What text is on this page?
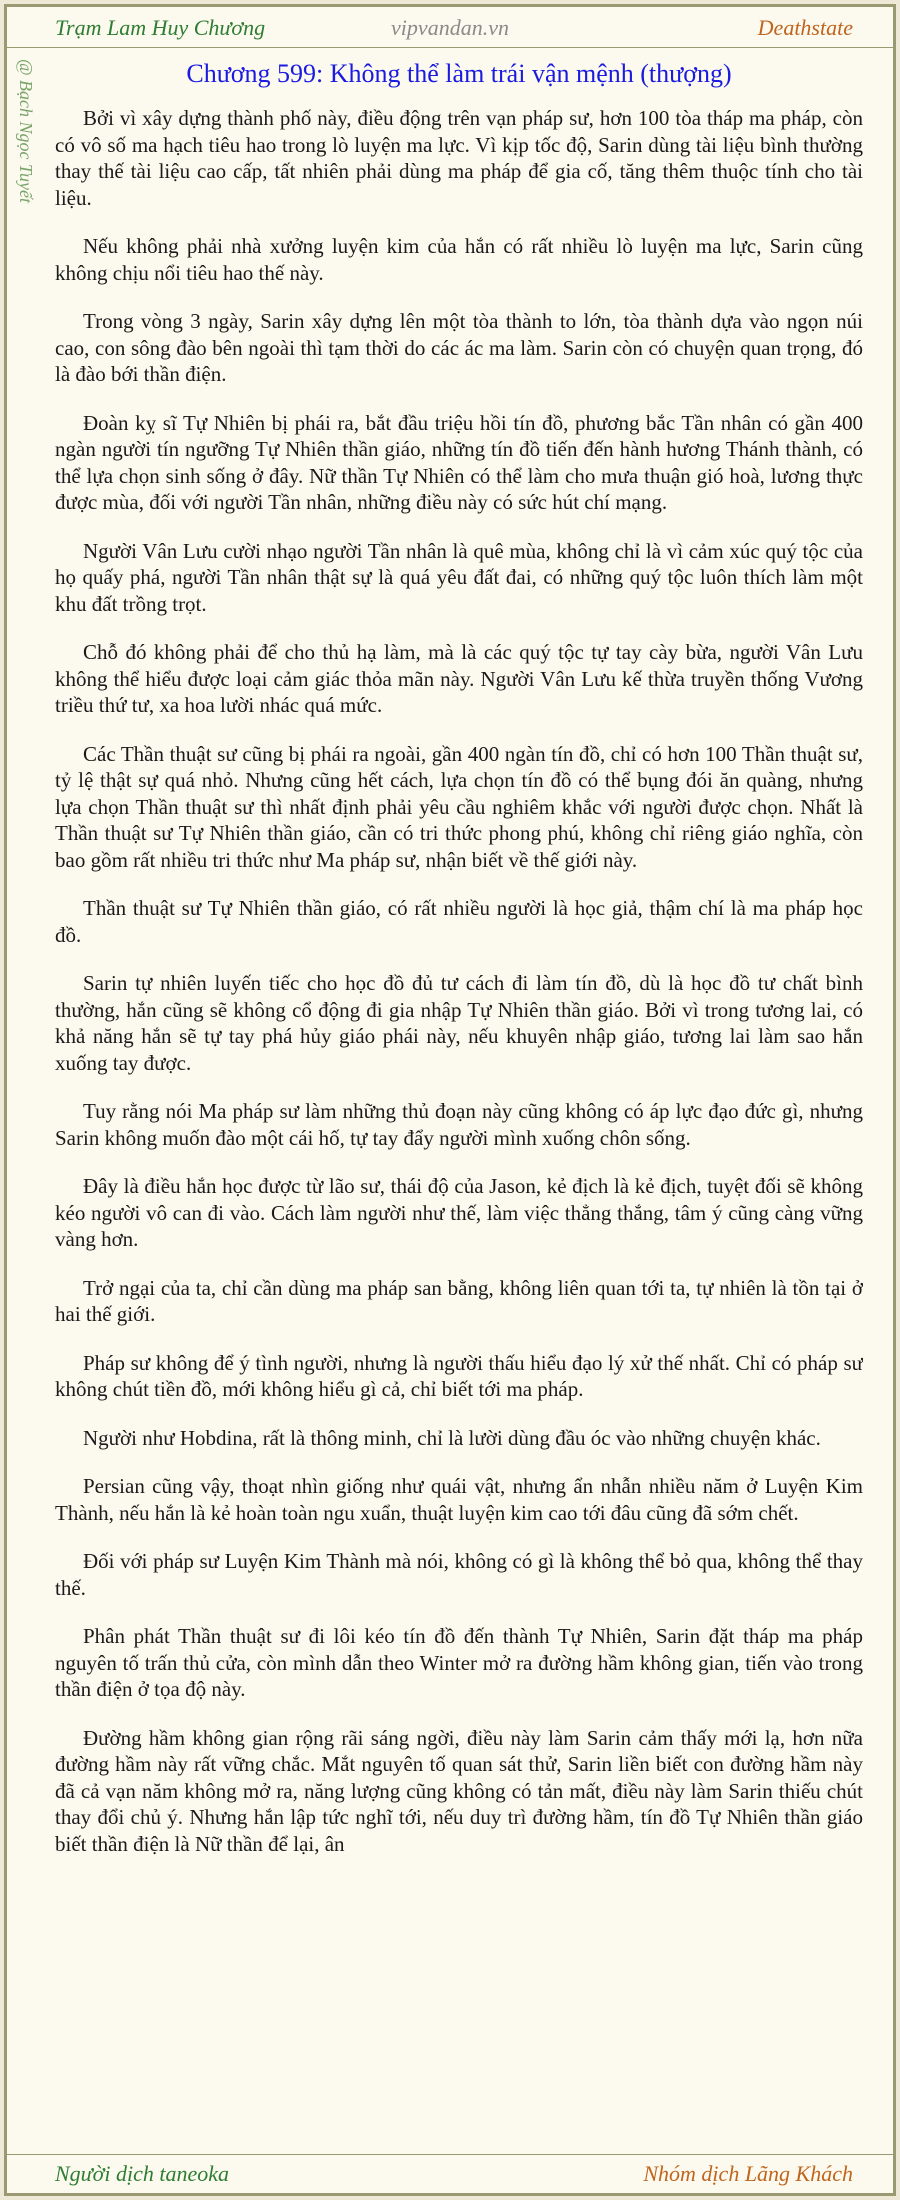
Trạm Lam Huy Chương	vipvandan.vn	Deathstate
@ Bạch Ngọc Tuyết	Chương 599: Không thể làm trái vận mệnh (thượng)

Bởi vì xây dựng thành phố này, điều động trên vạn pháp sư, hơn 100 tòa tháp ma pháp, còn có vô số ma hạch tiêu hao trong lò luyện ma lực. Vì kịp tốc độ, Sarin dùng tài liệu bình thường thay thế tài liệu cao cấp, tất nhiên phải dùng ma pháp để gia cố, tăng thêm thuộc tính cho tài liệu.

Nếu không phải nhà xưởng luyện kim của hắn có rất nhiều lò luyện ma lực, Sarin cũng không chịu nổi tiêu hao thế này.

Trong vòng 3 ngày, Sarin xây dựng lên một tòa thành to lớn, tòa thành dựa vào ngọn núi cao, con sông đào bên ngoài thì tạm thời do các ác ma làm. Sarin còn có chuyện quan trọng, đó là đào bới thần điện.

Đoàn kỵ sĩ Tự Nhiên bị phái ra, bắt đầu triệu hồi tín đồ, phương bắc Tần nhân có gần 400 ngàn người tín ngưỡng Tự Nhiên thần giáo, những tín đồ tiến đến hành hương Thánh thành, có thể lựa chọn sinh sống ở đây. Nữ thần Tự Nhiên có thể làm cho mưa thuận gió hoà, lương thực được mùa, đối với người Tần nhân, những điều này có sức hút chí mạng.

Người Vân Lưu cười nhạo người Tần nhân là quê mùa, không chỉ là vì cảm xúc quý tộc của họ quấy phá, người Tần nhân thật sự là quá yêu đất đai, có những quý tộc luôn thích làm một khu đất trồng trọt.

Chỗ đó không phải để cho thủ hạ làm, mà là các quý tộc tự tay cày bừa, người Vân Lưu không thể hiểu được loại cảm giác thỏa mãn này. Người Vân Lưu kế thừa truyền thống Vương triều thứ tư, xa hoa lười nhác quá mức.

Các Thần thuật sư cũng bị phái ra ngoài, gần 400 ngàn tín đồ, chỉ có hơn 100 Thần thuật sư, tỷ lệ thật sự quá nhỏ. Nhưng cũng hết cách, lựa chọn tín đồ có thể bụng đói ăn quàng, nhưng lựa chọn Thần thuật sư thì nhất định phải yêu cầu nghiêm khắc với người được chọn. Nhất là Thần thuật sư Tự Nhiên thần giáo, cần có tri thức phong phú, không chỉ riêng giáo nghĩa, còn bao gồm rất nhiều tri thức như Ma pháp sư, nhận biết về thế giới này.

Thần thuật sư Tự Nhiên thần giáo, có rất nhiều người là học giả, thậm chí là ma pháp học đồ.

Sarin tự nhiên luyến tiếc cho học đồ đủ tư cách đi làm tín đồ, dù là học đồ tư chất bình thường, hắn cũng sẽ không cổ động đi gia nhập Tự Nhiên thần giáo. Bởi vì trong tương lai, có khả năng hắn sẽ tự tay phá hủy giáo phái này, nếu khuyên nhập giáo, tương lai làm sao hắn xuống tay được.

Tuy rằng nói Ma pháp sư làm những thủ đoạn này cũng không có áp lực đạo đức gì, nhưng Sarin không muốn đào một cái hố, tự tay đẩy người mình xuống chôn sống.

Đây là điều hắn học được từ lão sư, thái độ của Jason, kẻ địch là kẻ địch, tuyệt đối sẽ không kéo người vô can đi vào. Cách làm người như thế, làm việc thẳng thắng, tâm ý cũng càng vững vàng hơn.

Trở ngại của ta, chỉ cần dùng ma pháp san bằng, không liên quan tới ta, tự nhiên là tồn tại ở hai thế giới.

Pháp sư không để ý tình người, nhưng là người thấu hiểu đạo lý xử thế nhất. Chỉ có pháp sư không chút tiền đồ, mới không hiểu gì cả, chỉ biết tới ma pháp.

Người như Hobdina, rất là thông minh, chỉ là lười dùng đầu óc vào những chuyện khác.

Persian cũng vậy, thoạt nhìn giống như quái vật, nhưng ẩn nhẫn nhiều năm ở Luyện Kim Thành, nếu hắn là kẻ hoàn toàn ngu xuẩn, thuật luyện kim cao tới đâu cũng đã sớm chết.

Đối với pháp sư Luyện Kim Thành mà nói, không có gì là không thể bỏ qua, không thể thay thế.

Phân phát Thần thuật sư đi lôi kéo tín đồ đến thành Tự Nhiên, Sarin đặt tháp ma pháp nguyên tố trấn thủ cửa, còn mình dẫn theo Winter mở ra đường hầm không gian, tiến vào trong thần điện ở tọa độ này.

Đường hầm không gian rộng rãi sáng ngời, điều này làm Sarin cảm thấy mới lạ, hơn nữa đường hầm này rất vững chắc. Mắt nguyên tố quan sát thử, Sarin liền biết con đường hầm này đã cả vạn năm không mở ra, năng lượng cũng không có tản mất, điều này làm Sarin thiếu chút thay đổi chủ ý. Nhưng hắn lập tức nghĩ tới, nếu duy trì đường hầm, tín đồ Tự Nhiên thần giáo biết thần điện là Nữ thần để lại, ân

Người dịch taneoka	Nhóm dịch Lãng Khách
